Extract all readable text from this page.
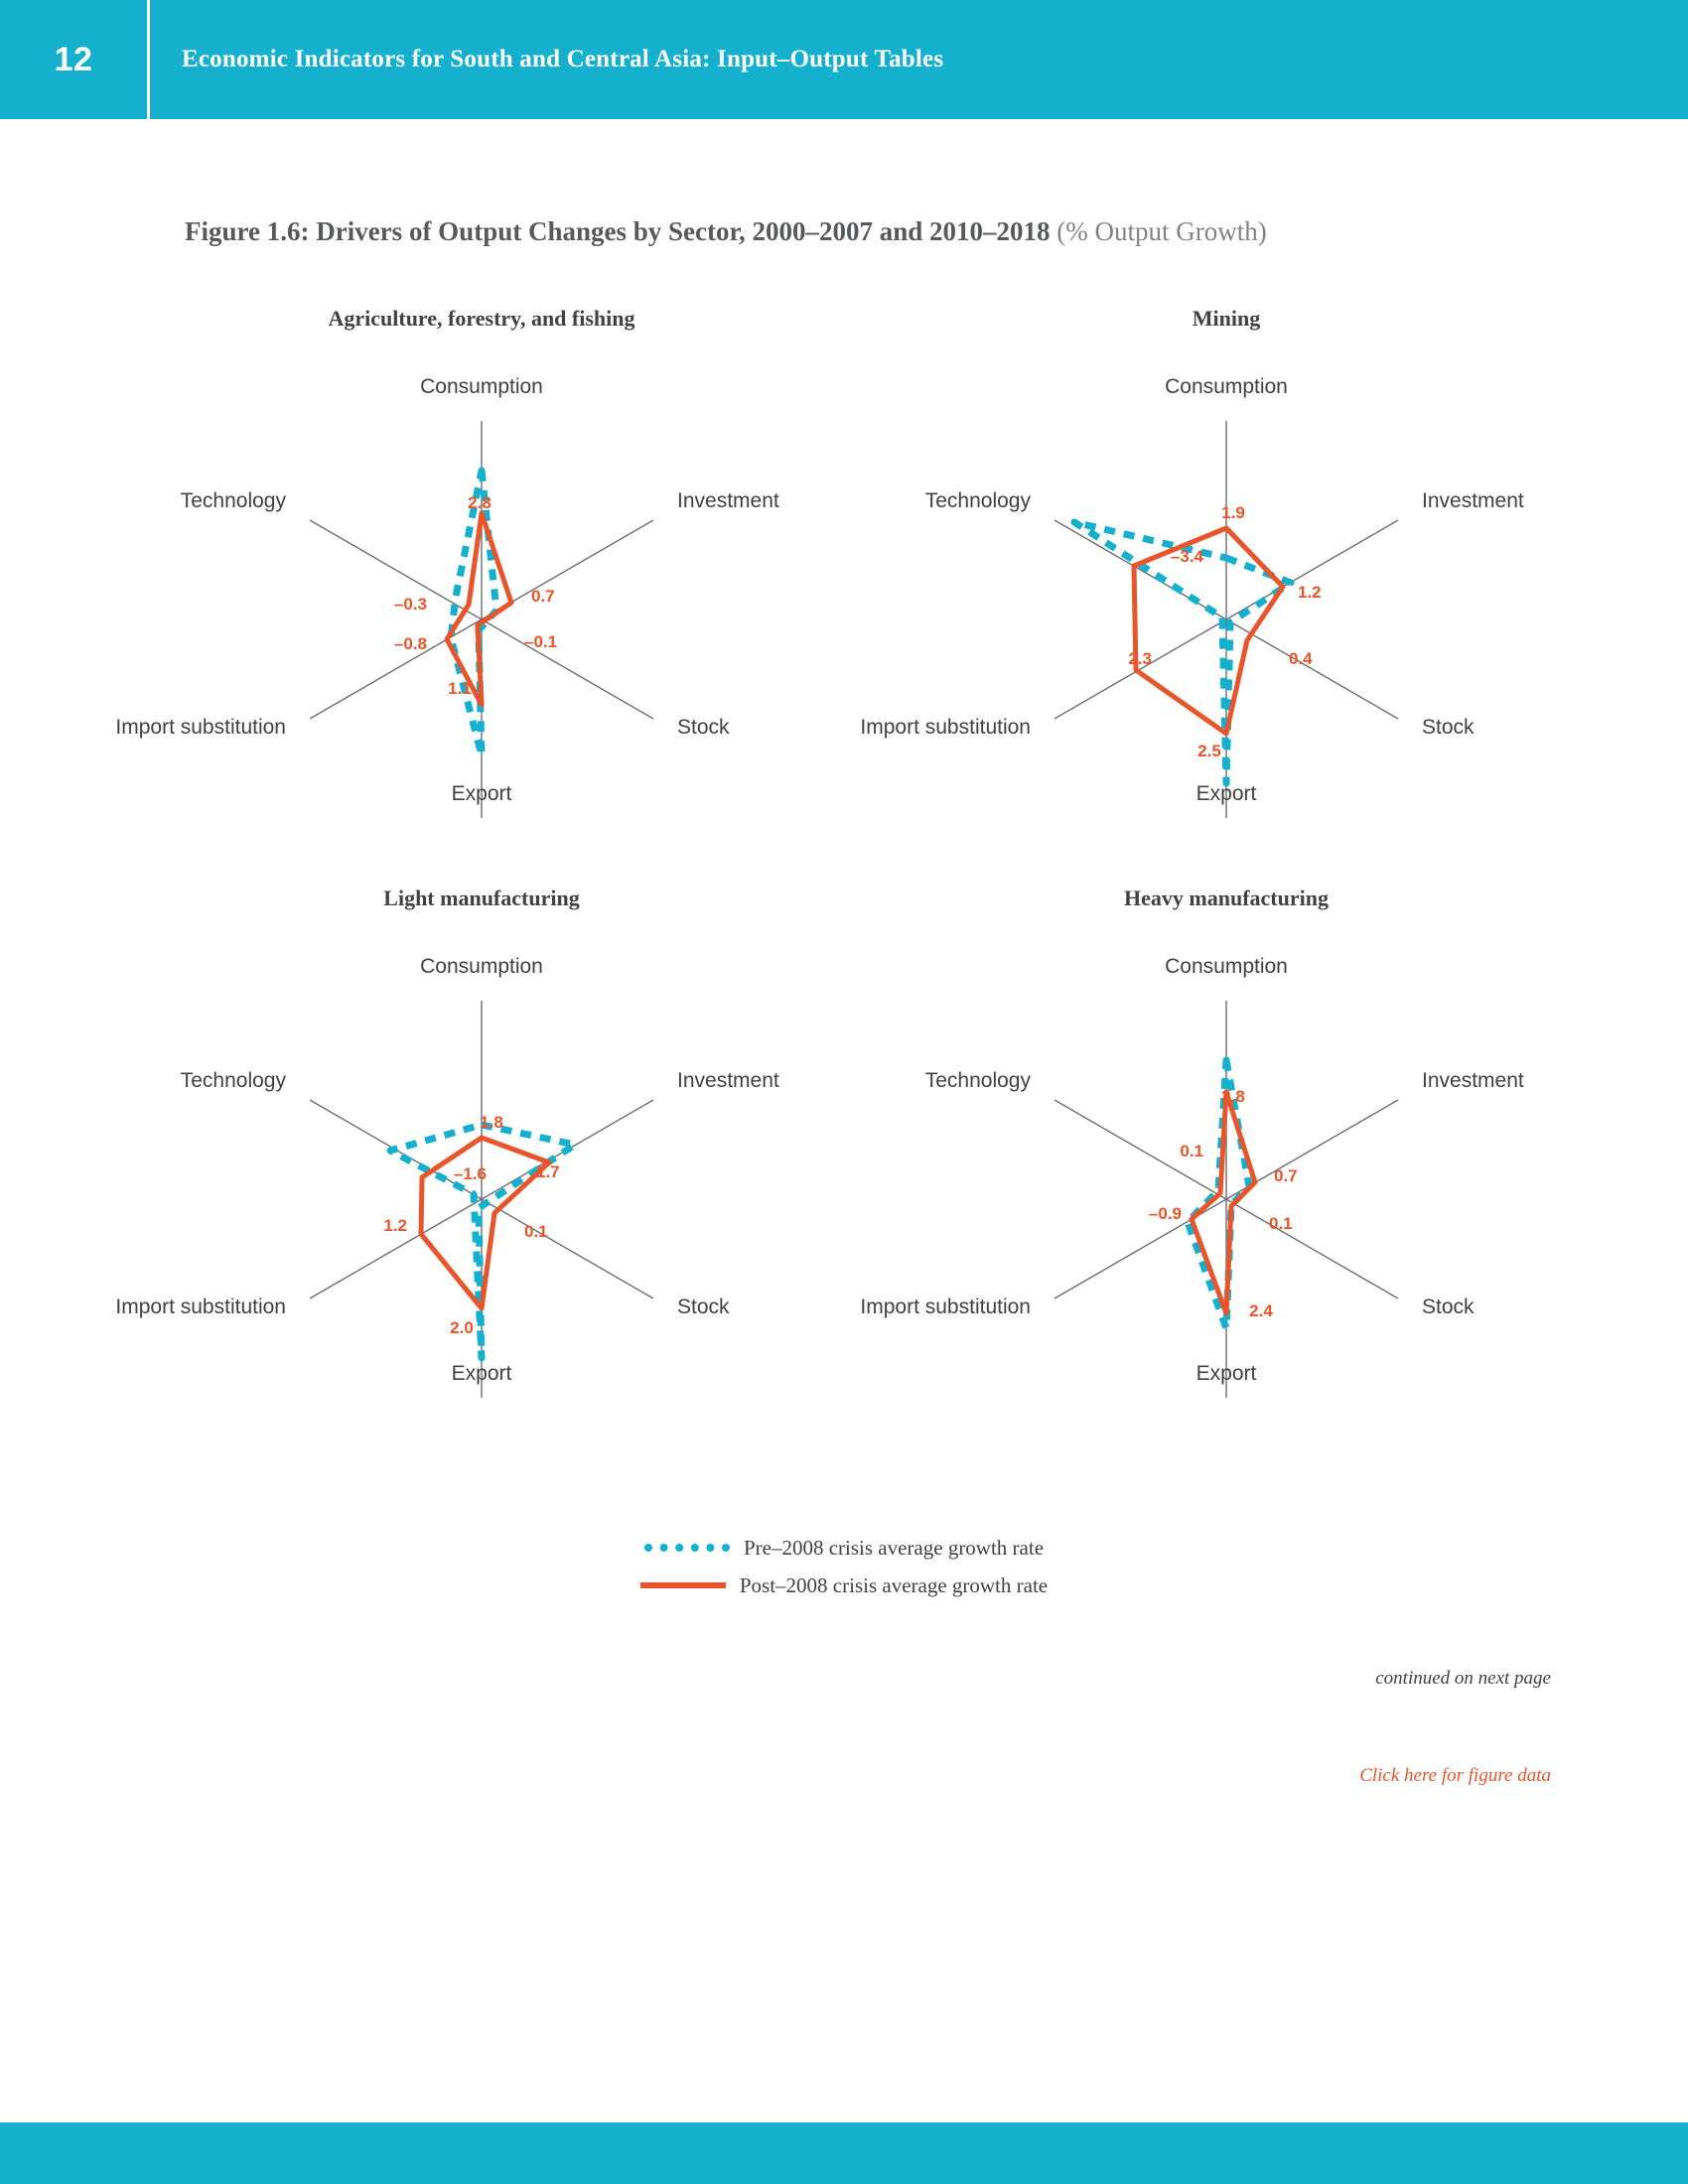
12	Economic Indicators for South and Central Asia: Input–Output Tables
Figure 1.6: Drivers of Output Changes by Sector, 2000–2007 and 2010–2018 (% Output Growth)
Agriculture, forestry, and fishing
Consumption
Investment
Stock
Export
Import substitution
Technology	2.8
0.7
–0.1
1.1
–0.8
–0.3
Mining
Consumption
Investment
Stock
Export
Import substitution
Technology
1.9
1.2
0.4
2.5
2.3
–3.4
Light manufacturing
Consumption
Investment
Stock
Export
Import substitution
Technology
1.8
1.7
0.1
2.0
1.2
–1.6
Heavy manufacturing
Consumption
Investment
Stock
Export
Import substitution
Technology
2.8
0.7
0.1
2.4
–0.9
0.1
Pre–2008 crisis average growth rate
Post–2008 crisis average growth rate
continued on next page
Click here for figure data
